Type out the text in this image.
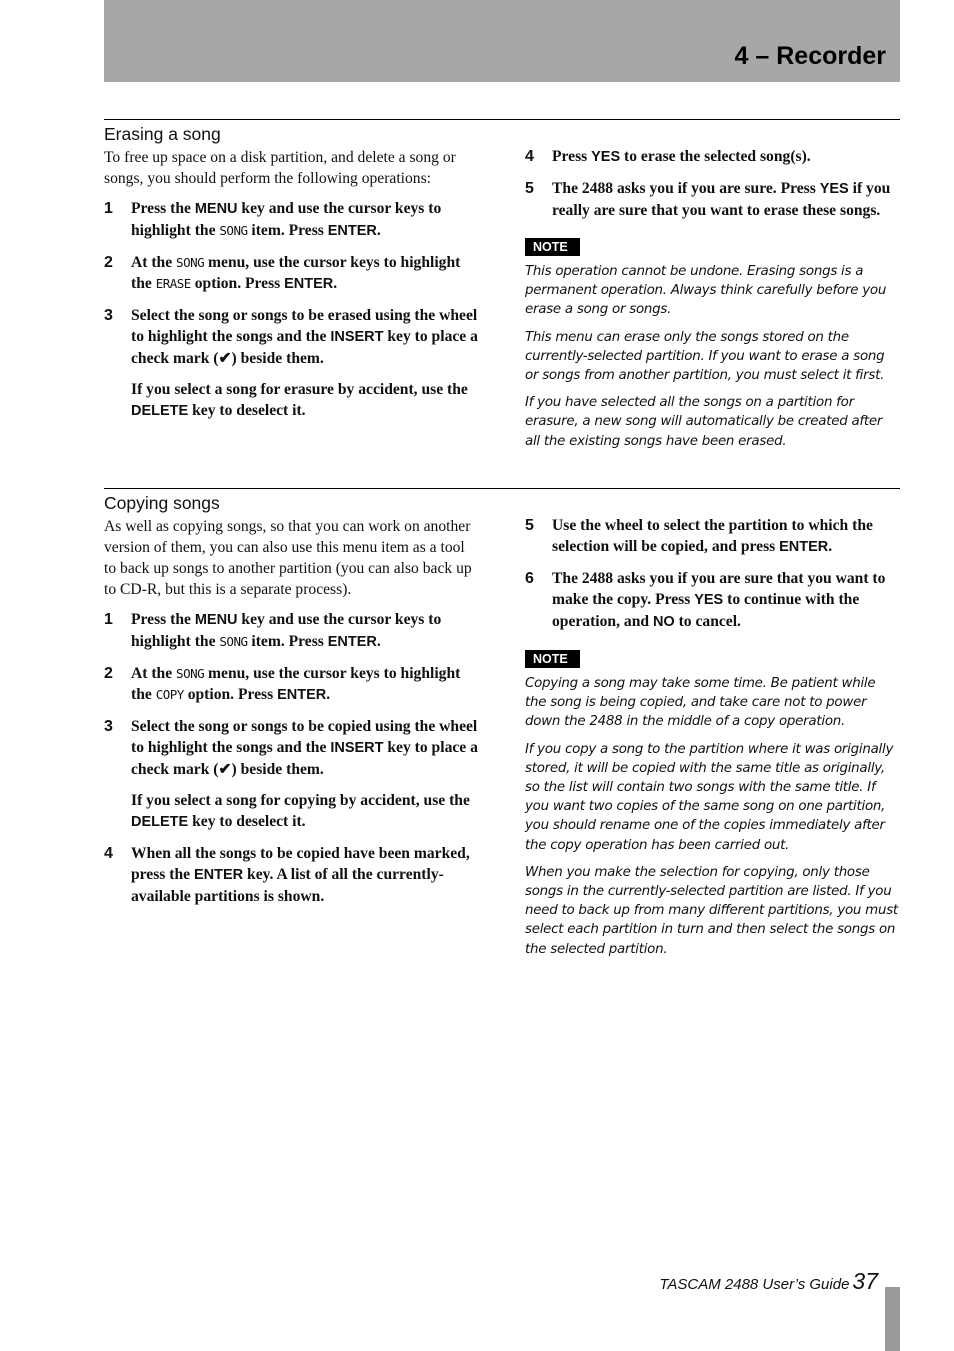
4 – Recorder
Erasing a song

To free up space on a disk partition, and delete a song or songs, you should perform the following operations:

1 Press the MENU key and use the cursor keys to highlight the SONG item. Press ENTER.
2 At the SONG menu, use the cursor keys to highlight the ERASE option. Press ENTER.
3 Select the song or songs to be erased using the wheel to highlight the songs and the INSERT key to place a check mark (✔) beside them.
If you select a song for erasure by accident, use the DELETE key to deselect it.
4 Press YES to erase the selected song(s).
5 The 2488 asks you if you are sure. Press YES if you really are sure that you want to erase these songs.
NOTE

This operation cannot be undone. Erasing songs is a permanent operation. Always think carefully before you erase a song or songs.

This menu can erase only the songs stored on the currently-selected partition. If you want to erase a song or songs from another partition, you must select it first.

If you have selected all the songs on a partition for erasure, a new song will automatically be created after all the existing songs have been erased.

Copying songs

As well as copying songs, so that you can work on another version of them, you can also use this menu item as a tool to back up songs to another partition (you can also back up to CD-R, but this is a separate process).

1 Press the MENU key and use the cursor keys to highlight the SONG item. Press ENTER.
2 At the SONG menu, use the cursor keys to highlight the COPY option. Press ENTER.
3 Select the song or songs to be copied using the wheel to highlight the songs and the INSERT key to place a check mark (✔) beside them.
If you select a song for copying by accident, use the DELETE key to deselect it.
4 When all the songs to be copied have been marked, press the ENTER key. A list of all the currently-available partitions is shown.
5 Use the wheel to select the partition to which the selection will be copied, and press ENTER.
6 The 2488 asks you if you are sure that you want to make the copy. Press YES to continue with the operation, and NO to cancel.
NOTE

Copying a song may take some time. Be patient while the song is being copied, and take care not to power down the 2488 in the middle of a copy operation.

If you copy a song to the partition where it was originally stored, it will be copied with the same title as originally, so the list will contain two songs with the same title. If you want two copies of the same song on one partition, you should rename one of the copies immediately after the copy operation has been carried out.

When you make the selection for copying, only those songs in the currently-selected partition are listed. If you need to back up from many different partitions, you must select each partition in turn and then select the songs on the selected partition.

TASCAM 2488 User’s Guide 37
